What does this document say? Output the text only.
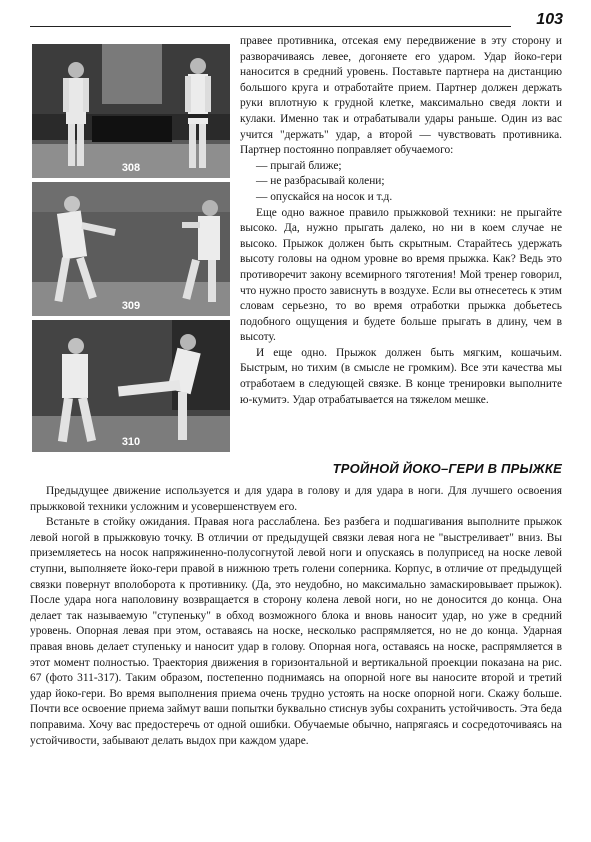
103
308
309
310

правее противника, отсекая ему передвижение в эту сторону и разворачиваясь левее, догоняете его ударом. Удар йоко-гери наносится в средний уровень. Поставьте партнера на дистанцию большого круга и отработайте прием. Партнер должен держать руки вплотную к грудной клетке, максимально сведя локти и кулаки. Именно так и отрабатывали удары раньше. Один из вас учится "держать" удар, а второй — чувствовать противника. Партнер постоянно поправляет обучаемого:

— прыгай ближе;
— не разбрасывай колени;
— опускайся на носок и т.д.

Еще одно важное правило прыжковой техники: не прыгайте высоко. Да, нужно прыгать далеко, но ни в коем случае не высоко. Прыжок должен быть скрытным. Старайтесь удержать высоту головы на одном уровне во время прыжка. Как? Ведь это противоречит закону всемирного тяготения! Мой тренер говорил, что нужно просто зависнуть в воздухе. Если вы отнесетесь к этим словам серьезно, то во время отработки прыжка добьетесь подобного ощущения и будете больше прыгать в длину, чем в высоту.

И еще одно. Прыжок должен быть мягким, кошачьим. Быстрым, но тихим (в смысле не громким). Все эти качества мы отработаем в следующей связке. В конце тренировки выполните ю-кумитэ. Удар отрабатывается на тяжелом мешке.

ТРОЙНОЙ ЙОКО–ГЕРИ В ПРЫЖКЕ

Предыдущее движение используется и для удара в голову и для удара в ноги. Для лучшего освоения прыжковой техники усложним и усовершенствуем его.

Встаньте в стойку ожидания. Правая нога расслаблена. Без разбега и подшагивания выполните прыжок левой ногой в прыжковую точку. В отличии от предыдущей связки левая нога не "выстреливает" вниз. Вы приземляетесь на носок напряжиненно-полусогнутой левой ноги и опускаясь в полуприсед на носке левой ступни, выполняете йоко-гери правой в нижнюю треть голени соперника. Корпус, в отличие от предыдущей связки повернут вполоборота к противнику. (Да, это неудобно, но максимально замаскировывает прыжок). После удара нога наполовину возвращается в сторону колена левой ноги, но не доносится до конца. Она делает так называемую "ступеньку" в обход возможного блока и вновь наносит удар, но уже в средний уровень. Опорная левая при этом, оставаясь на носке, несколько распрямляется, но не до конца. Ударная правая вновь делает ступеньку и наносит удар в голову. Опорная нога, оставаясь на носке, распрямляется в этот момент полностью. Траектория движения в горизонтальной и вертикальной проекции показана на рис. 67 (фото 311-317). Таким образом, постепенно поднимаясь на опорной ноге вы наносите второй и третий удар йоко-гери. Во время выполнения приема очень трудно устоять на носке опорной ноги. Скажу больше. Почти все освоение приема займут ваши попытки буквально стиснув зубы сохранить устойчивость. Эта беда поправима. Хочу вас предостеречь от одной ошибки. Обучаемые обычно, напрягаясь и сосредоточиваясь на устойчивости, забывают делать выдох при каждом ударе.
